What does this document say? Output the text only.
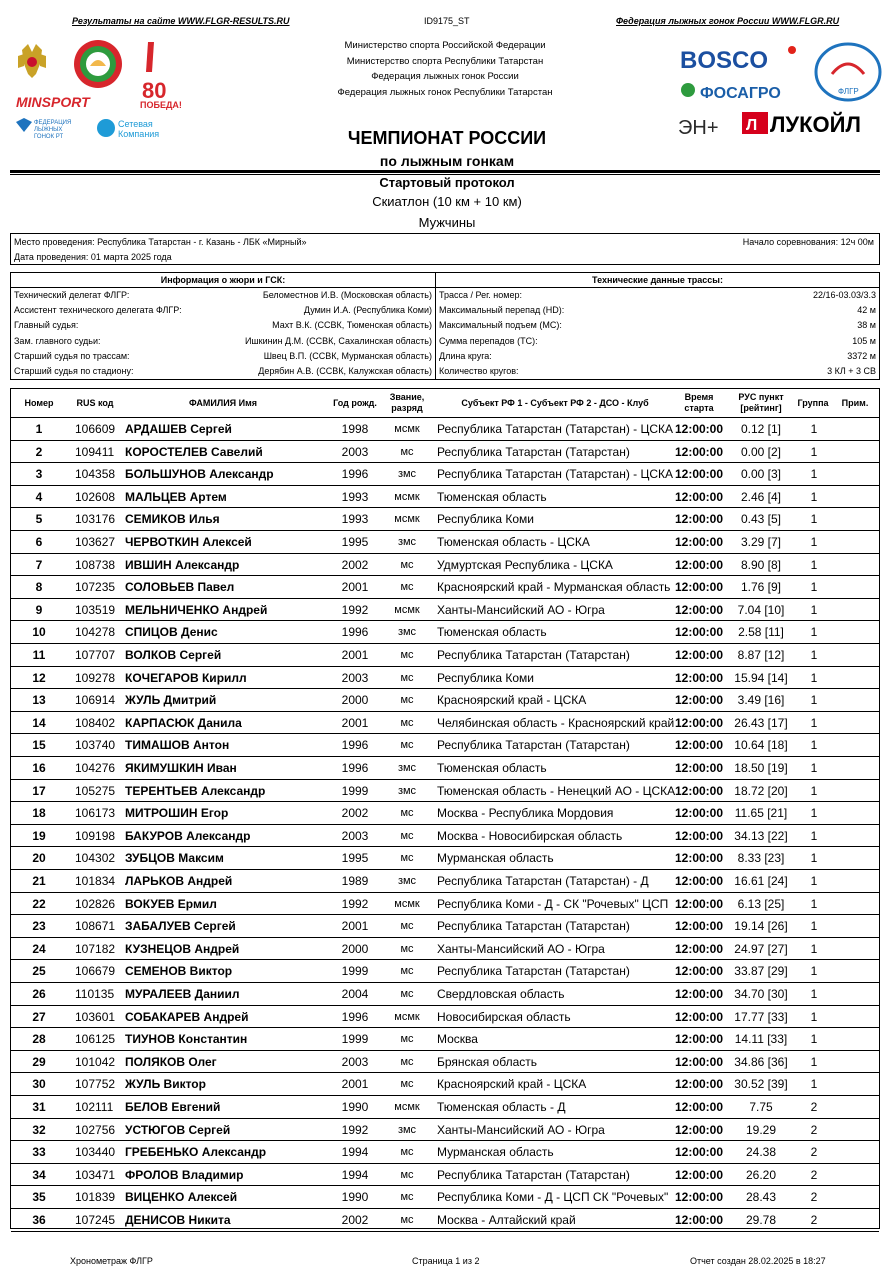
Результаты на сайте WWW.FLGR-RESULTS.RU	ID9175_ST	Федерация лыжных гонок России WWW.FLGR.RU
80
ПОБЕДА!
MINSPORT
ФЕДЕРАЦИЯ
ЛЫЖНЫХ
ГОНОК РТ
Сетевая
Компания
Министерство спорта Российской Федерации
Министерство спорта Республики Татарстан
Федерация лыжных гонок России
Федерация лыжных гонок Республики Татарстан
BOSCO
ФОСАГРО	ФЛГР
ЭН+ Л ЛУКОЙЛ
ЧЕМПИОНАТ РОССИИ
по лыжным гонкам
Стартовый протокол
Скиатлон (10 км + 10 км)
Мужчины
Место проведения: Республика Татарстан - г. Казань - ЛБК «Мирный»
Дата проведения: 01 марта 2025 года
Начало соревнования: 12ч 00м
Информация о жюри и ГСК:	Технические данные трассы:
Технический делегат ФЛГР:	Беломестнов И.В. (Московская область)
Ассистент технического делегата ФЛГР:	Думин И.А. (Республика Коми)
Главный судья:	Махт В.К. (ССВК, Тюменская область)
Зам. главного судьи:	Ишкинин Д.М. (ССВК, Сахалинская область)
Старший судья по трассам:	Швец В.П. (ССВК, Мурманская область)
Старший судья по стадиону:	Дерябин А.В. (ССВК, Калужская область)
Трасса / Рег. номер:	22/16-03.03/3.3
Максимальный перепад (HD):	42 м
Максимальный подъем (MC):	38 м
Сумма перепадов (TC):	105 м
Длина круга:	3372 м
Количество кругов:	3 КЛ + 3 СВ
Номер	RUS код	ФАМИЛИЯ Имя	Год рожд.
Звание, разряд
Субъект РФ 1 - Субъект РФ 2 - ДСО - Клуб
Время старта
РУС пункт [рейтинг]
Группа	Прим.
1	106609 АРДАШЕВ Сергей	1998	мсмк	Республика Татарстан (Татарстан) - ЦСКА 12:00:00	0.12 [1]	1
2	109411 КОРОСТЕЛЕВ Савелий	2003	мс	Республика Татарстан (Татарстан)	12:00:00	0.00 [2]	1
3	104358 БОЛЬШУНОВ Александр	1996	змс	Республика Татарстан (Татарстан) - ЦСКА 12:00:00	0.00 [3]	1
4	102608 МАЛЬЦЕВ Артем	1993	мсмк	Тюменская область	12:00:00	2.46 [4]	1
5	103176 СЕМИКОВ Илья	1993	мсмк	Республика Коми	12:00:00	0.43 [5]	1
6	103627 ЧЕРВОТКИН Алексей	1995	змс	Тюменская область - ЦСКА	12:00:00	3.29 [7]	1
7	108738 ИВШИН Александр	2002	мс	Удмуртская Республика - ЦСКА	12:00:00	8.90 [8]	1
8	107235 СОЛОВЬЕВ Павел	2001	мс	Красноярский край - Мурманская область 12:00:00	1.76 [9]	1
9	103519 МЕЛЬНИЧЕНКО Андрей	1992	мсмк	Ханты-Мансийский АО - Югра	12:00:00	7.04 [10]	1
10	104278 СПИЦОВ Денис	1996	змс	Тюменская область	12:00:00	2.58 [11]	1
11	107707 ВОЛКОВ Сергей	2001	мс	Республика Татарстан (Татарстан)	12:00:00	8.87 [12]	1
12	109278 КОЧЕГАРОВ Кирилл	2003	мс	Республика Коми	12:00:00 15.94 [14]	1
13	106914 ЖУЛЬ Дмитрий	2000	мс	Красноярский край - ЦСКА	12:00:00	3.49 [16]	1
14	108402 КАРПАСЮК Данила	2001	мс	Челябинская область - Красноярский край 12:00:00 26.43 [17]	1
15	103740 ТИМАШОВ Антон	1996	мс	Республика Татарстан (Татарстан)	12:00:00 10.64 [18]	1
16	104276 ЯКИМУШКИН Иван	1996	змс	Тюменская область	12:00:00 18.50 [19]	1
17	105275 ТЕРЕНТЬЕВ Александр	1999	змс	Тюменская область - Ненецкий АО - ЦСКА 12:00:00 18.72 [20]	1
18	106173 МИТРОШИН Егор	2002	мс	Москва - Республика Мордовия	12:00:00 11.65 [21]	1
19	109198 БАКУРОВ Александр	2003	мс	Москва - Новосибирская область	12:00:00 34.13 [22]	1
20	104302 ЗУБЦОВ Максим	1995	мс	Мурманская область	12:00:00	8.33 [23]	1
21	101834 ЛАРЬКОВ Андрей	1989	змс	Республика Татарстан (Татарстан) - Д	12:00:00 16.61 [24]	1
22	102826 ВОКУЕВ Ермил	1992	мсмк	Республика Коми - Д - СК "Рочевых" ЦСП 12:00:00	6.13 [25]	1
23	108671 ЗАБАЛУЕВ Сергей	2001	мс	Республика Татарстан (Татарстан)	12:00:00 19.14 [26]	1
24	107182 КУЗНЕЦОВ Андрей	2000	мс	Ханты-Мансийский АО - Югра	12:00:00 24.97 [27]	1
25	106679 СЕМЕНОВ Виктор	1999	мс	Республика Татарстан (Татарстан)	12:00:00 33.87 [29]	1
26	110135 МУРАЛЕЕВ Даниил	2004	мс	Свердловская область	12:00:00 34.70 [30]	1
27	103601 СОБАКАРЕВ Андрей	1996	мсмк	Новосибирская область	12:00:00 17.77 [33]	1
28	106125 ТИУНОВ Константин	1999	мс	Москва	12:00:00 14.11 [33]	1
29	101042 ПОЛЯКОВ Олег	2003	мс	Брянская область	12:00:00 34.86 [36]	1
30	107752 ЖУЛЬ Виктор	2001	мс	Красноярский край - ЦСКА	12:00:00 30.52 [39]	1
31	102111 БЕЛОВ Евгений	1990	мсмк	Тюменская область - Д	12:00:00	7.75	2
32	102756 УСТЮГОВ Сергей	1992	змс	Ханты-Мансийский АО - Югра	12:00:00	19.29	2
33	103440 ГРЕБЕНЬКО Александр	1994	мс	Мурманская область	12:00:00	24.38	2
34	103471 ФРОЛОВ Владимир	1994	мс	Республика Татарстан (Татарстан)	12:00:00	26.20	2
35	101839 ВИЦЕНКО Алексей	1990	мс	Республика Коми - Д - ЦСП СК "Рочевых" 12:00:00	28.43	2
36	107245 ДЕНИСОВ Никита	2002	мс	Москва - Алтайский край	12:00:00	29.78	2
Хронометраж ФЛГР	Страница 1 из 2	Отчет создан 28.02.2025 в 18:27
